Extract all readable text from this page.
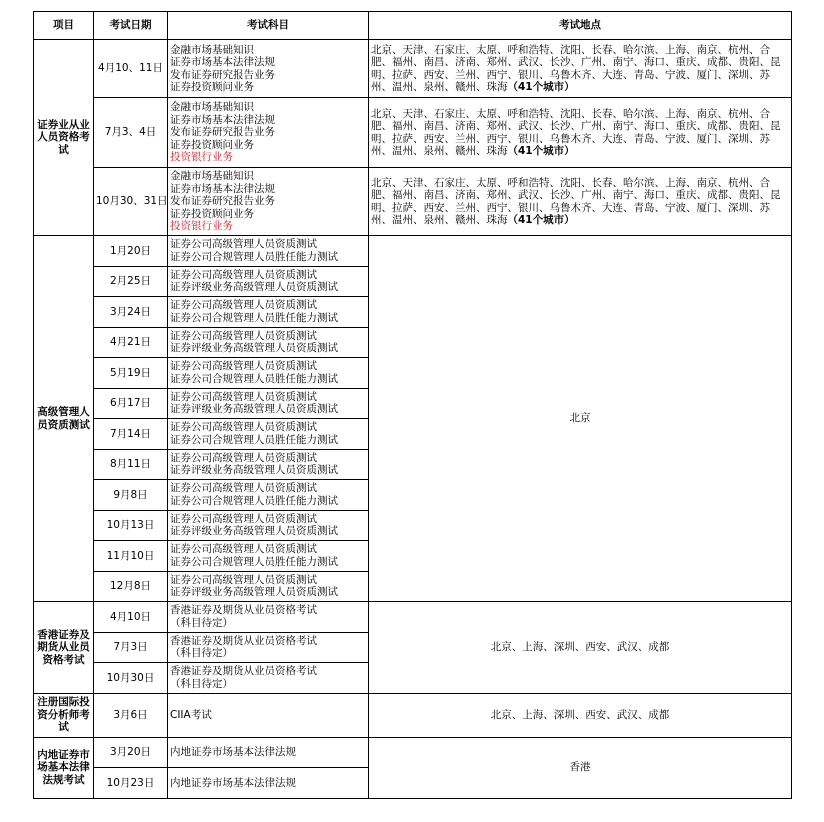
项目	考试日期	考试科目	考试地点
证券业从业人员资格考试	4月10、11日	金融市场基础知识
证券市场基本法律法规
发布证券研究报告业务
证券投资顾问业务	北京、天津、石家庄、太原、呼和浩特、沈阳、长春、哈尔滨、上海、南京、杭州、合肥、福州、南昌、济南、郑州、武汉、长沙、广州、南宁、海口、重庆、成都、贵阳、昆明、拉萨、西安、兰州、西宁、银川、乌鲁木齐、大连、青岛、宁波、厦门、深圳、苏州、温州、泉州、赣州、珠海（41个城市）
	7月3、4日	金融市场基础知识
证券市场基本法律法规
发布证券研究报告业务
证券投资顾问业务
投资银行业务	北京、天津、石家庄、太原、呼和浩特、沈阳、长春、哈尔滨、上海、南京、杭州、合肥、福州、南昌、济南、郑州、武汉、长沙、广州、南宁、海口、重庆、成都、贵阳、昆明、拉萨、西安、兰州、西宁、银川、乌鲁木齐、大连、青岛、宁波、厦门、深圳、苏州、温州、泉州、赣州、珠海（41个城市）
	10月30、31日	金融市场基础知识
证券市场基本法律法规
发布证券研究报告业务
证券投资顾问业务
投资银行业务	北京、天津、石家庄、太原、呼和浩特、沈阳、长春、哈尔滨、上海、南京、杭州、合肥、福州、南昌、济南、郑州、武汉、长沙、广州、南宁、海口、重庆、成都、贵阳、昆明、拉萨、西安、兰州、西宁、银川、乌鲁木齐、大连、青岛、宁波、厦门、深圳、苏州、温州、泉州、赣州、珠海（41个城市）
高级管理人员资质测试	1月20日	证券公司高级管理人员资质测试
证券公司合规管理人员胜任能力测试	北京
	2月25日	证券公司高级管理人员资质测试
证券评级业务高级管理人员资质测试	

	3月24日	证券公司高级管理人员资质测试
证券公司合规管理人员胜任能力测试	

	4月21日	证券公司高级管理人员资质测试
证券评级业务高级管理人员资质测试	

	5月19日	证券公司高级管理人员资质测试
证券公司合规管理人员胜任能力测试	

	6月17日	证券公司高级管理人员资质测试
证券评级业务高级管理人员资质测试	

	7月14日	证券公司高级管理人员资质测试
证券公司合规管理人员胜任能力测试	

	8月11日	证券公司高级管理人员资质测试
证券评级业务高级管理人员资质测试	

	9月8日	证券公司高级管理人员资质测试
证券公司合规管理人员胜任能力测试	

	10月13日	证券公司高级管理人员资质测试
证券评级业务高级管理人员资质测试	

	11月10日	证券公司高级管理人员资质测试
证券公司合规管理人员胜任能力测试	

	12月8日	证券公司高级管理人员资质测试
证券评级业务高级管理人员资质测试	

香港证券及期货从业员资格考试	4月10日	香港证券及期货从业员资格考试
（科目待定）	北京、上海、深圳、西安、武汉、成都
	7月3日	香港证券及期货从业员资格考试
（科目待定）	

	10月30日	香港证券及期货从业员资格考试
（科目待定）	

注册国际投资分析师考试	3月6日	CIIA考试	北京、上海、深圳、西安、武汉、成都
内地证券市场基本法律法规考试	3月20日	内地证券市场基本法律法规	香港
	10月23日	内地证券市场基本法律法规	
